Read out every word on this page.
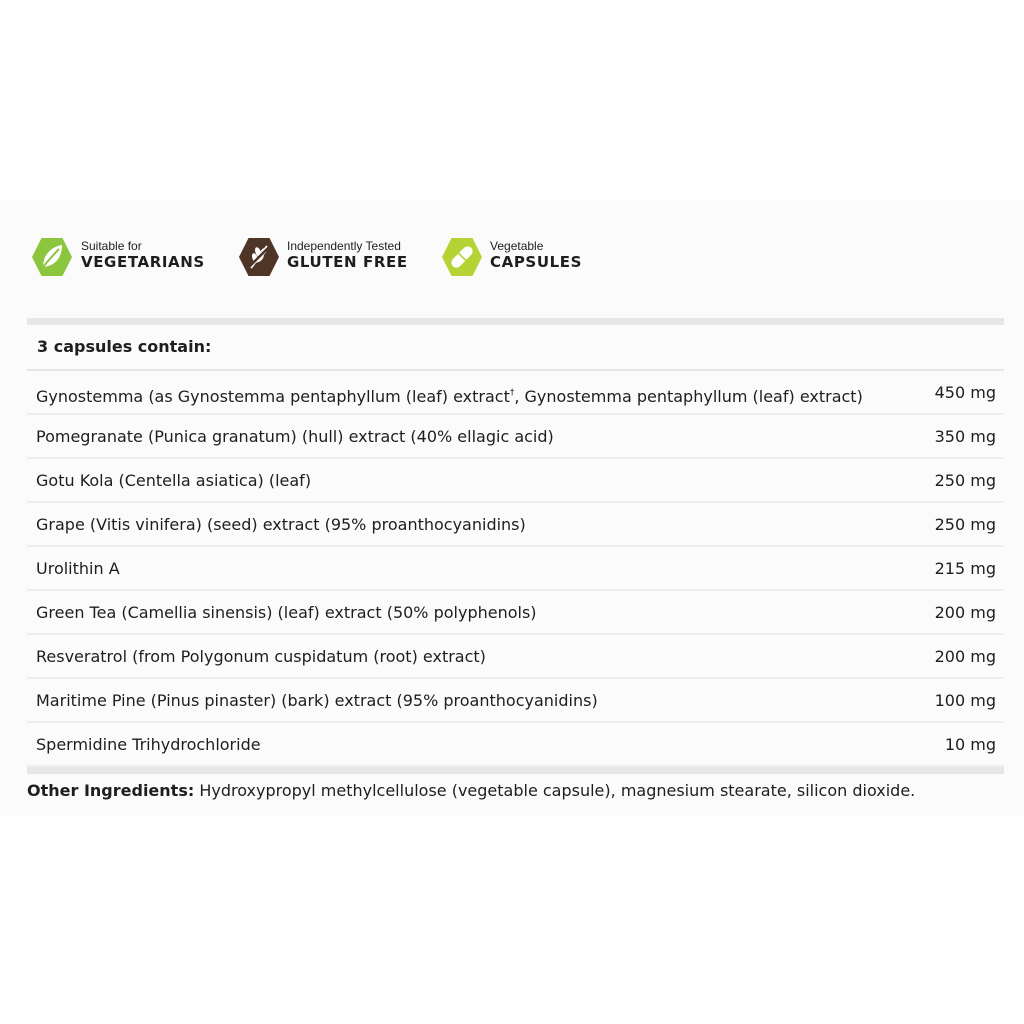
Suitable for
VEGETARIANS
Independently Tested
GLUTEN FREE
Vegetable
CAPSULES
3 capsules contain:
Gynostemma (as Gynostemma pentaphyllum (leaf) extract†, Gynostemma pentaphyllum (leaf) extract)	450 mg
Pomegranate (Punica granatum) (hull) extract (40% ellagic acid)	350 mg
Gotu Kola (Centella asiatica) (leaf)	250 mg
Grape (Vitis vinifera) (seed) extract (95% proanthocyanidins)	250 mg
Urolithin A	215 mg
Green Tea (Camellia sinensis) (leaf) extract (50% polyphenols)	200 mg
Resveratrol (from Polygonum cuspidatum (root) extract)	200 mg
Maritime Pine (Pinus pinaster) (bark) extract (95% proanthocyanidins)	100 mg
Spermidine Trihydrochloride	10 mg
Other Ingredients: Hydroxypropyl methylcellulose (vegetable capsule), magnesium stearate, silicon dioxide.
